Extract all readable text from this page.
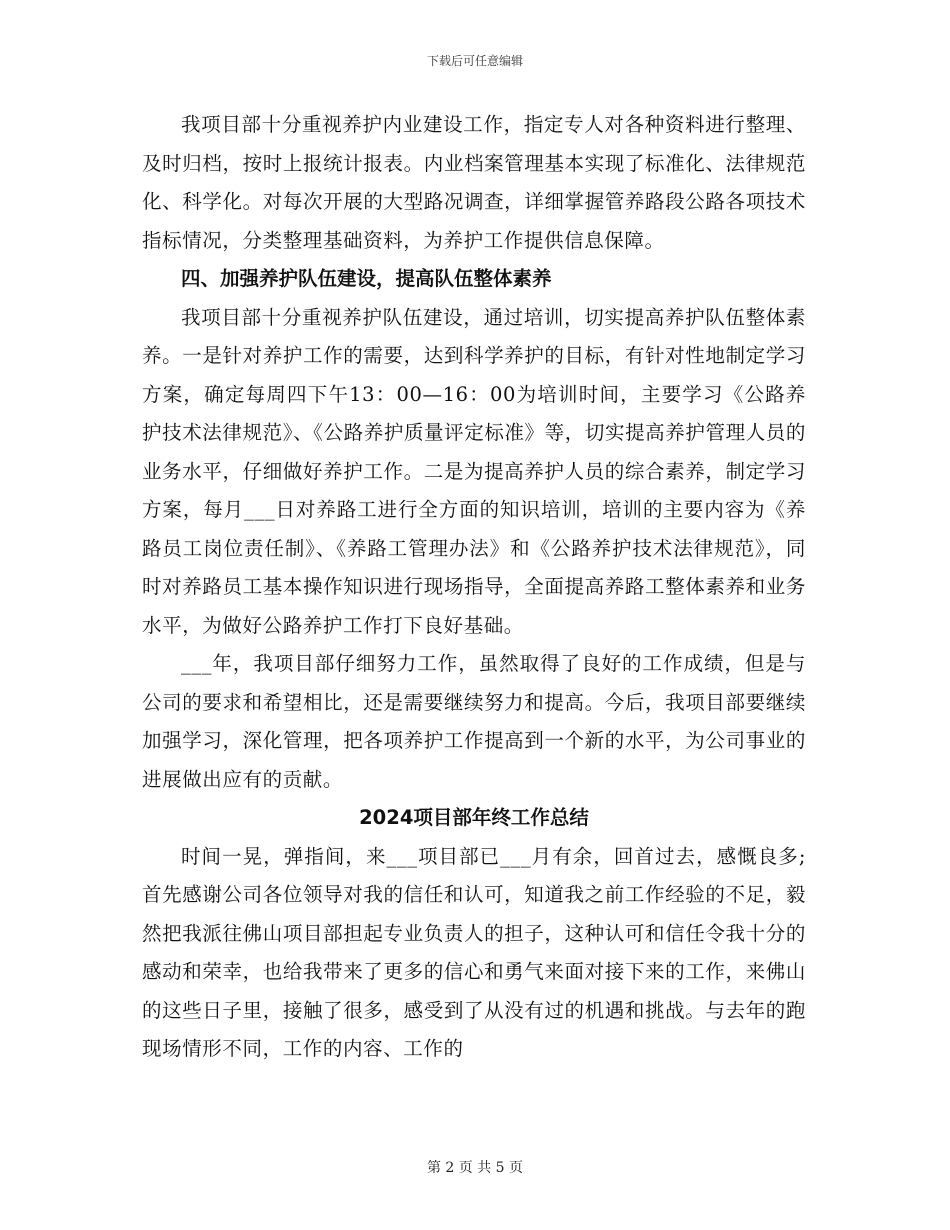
下载后可任意编辑

我项目部十分重视养护内业建设工作，指定专人对各种资料进行整理、及时归档，按时上报统计报表。内业档案管理基本实现了标准化、法律规范化、科学化。对每次开展的大型路况调查，详细掌握管养路段公路各项技术指标情况，分类整理基础资料，为养护工作提供信息保障。

四、加强养护队伍建设，提高队伍整体素养

我项目部十分重视养护队伍建设，通过培训，切实提高养护队伍整体素养。一是针对养护工作的需要，达到科学养护的目标，有针对性地制定学习方案，确定每周四下午13：00—16：00为培训时间，主要学习《公路养护技术法律规范》、《公路养护质量评定标准》等，切实提高养护管理人员的业务水平，仔细做好养护工作。二是为提高养护人员的综合素养，制定学习方案，每月___日对养路工进行全方面的知识培训，培训的主要内容为《养路员工岗位责任制》、《养路工管理办法》和《公路养护技术法律规范》，同时对养路员工基本操作知识进行现场指导，全面提高养路工整体素养和业务水平，为做好公路养护工作打下良好基础。

___年，我项目部仔细努力工作，虽然取得了良好的工作成绩，但是与公司的要求和希望相比，还是需要继续努力和提高。今后，我项目部要继续加强学习，深化管理，把各项养护工作提高到一个新的水平，为公司事业的进展做出应有的贡献。

2024项目部年终工作总结

时间一晃，弹指间，来___项目部已___月有余，回首过去，感慨良多;首先感谢公司各位领导对我的信任和认可，知道我之前工作经验的不足，毅然把我派往佛山项目部担起专业负责人的担子，这种认可和信任令我十分的感动和荣幸，也给我带来了更多的信心和勇气来面对接下来的工作，来佛山的这些日子里，接触了很多，感受到了从没有过的机遇和挑战。与去年的跑现场情形不同，工作的内容、工作的

第 2 页 共 5 页
